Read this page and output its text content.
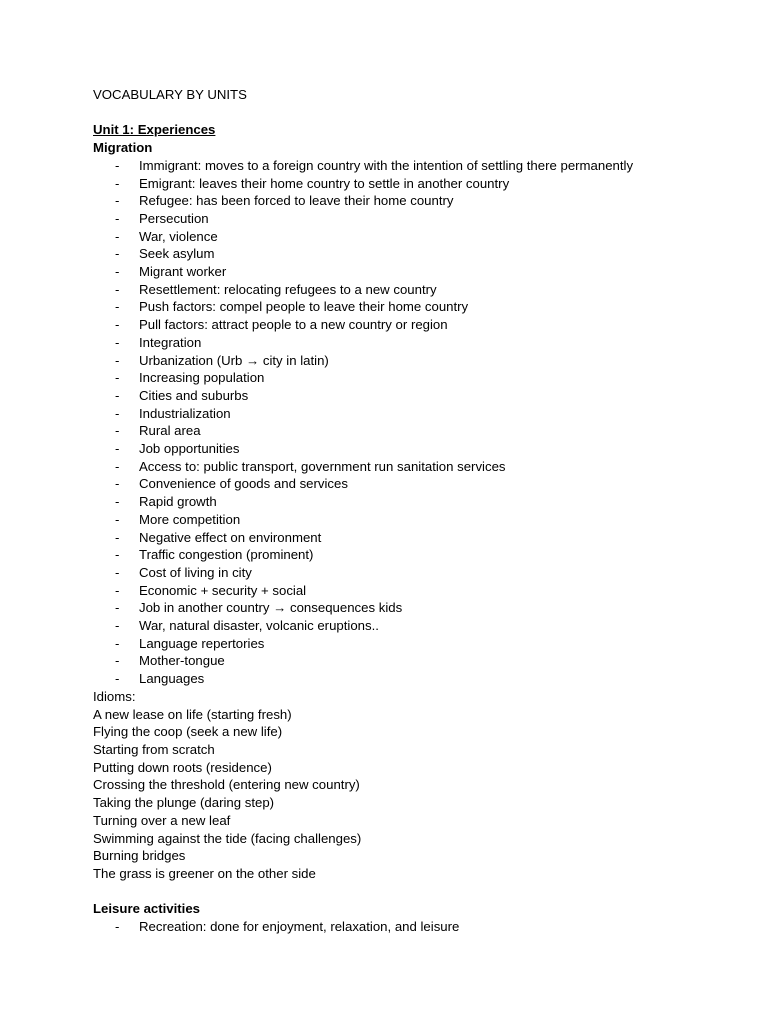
VOCABULARY BY UNITS
Unit 1: Experiences
Migration
- Immigrant: moves to a foreign country with the intention of settling there permanently
- Emigrant: leaves their home country to settle in another country
- Refugee: has been forced to leave their home country
- Persecution
- War, violence
- Seek asylum
- Migrant worker
- Resettlement: relocating refugees to a new country
- Push factors: compel people to leave their home country
- Pull factors: attract people to a new country or region
- Integration
- Urbanization (Urb → city in latin)
- Increasing population
- Cities and suburbs
- Industrialization
- Rural area
- Job opportunities
- Access to: public transport, government run sanitation services
- Convenience of goods and services
- Rapid growth
- More competition
- Negative effect on environment
- Traffic congestion (prominent)
- Cost of living in city
- Economic + security + social
- Job in another country → consequences kids
- War, natural disaster, volcanic eruptions..
- Language repertories
- Mother-tongue
- Languages
Idioms:
A new lease on life (starting fresh)
Flying the coop (seek a new life)
Starting from scratch
Putting down roots (residence)
Crossing the threshold (entering new country)
Taking the plunge (daring step)
Turning over a new leaf
Swimming against the tide (facing challenges)
Burning bridges
The grass is greener on the other side
Leisure activities
- Recreation: done for enjoyment, relaxation, and leisure
